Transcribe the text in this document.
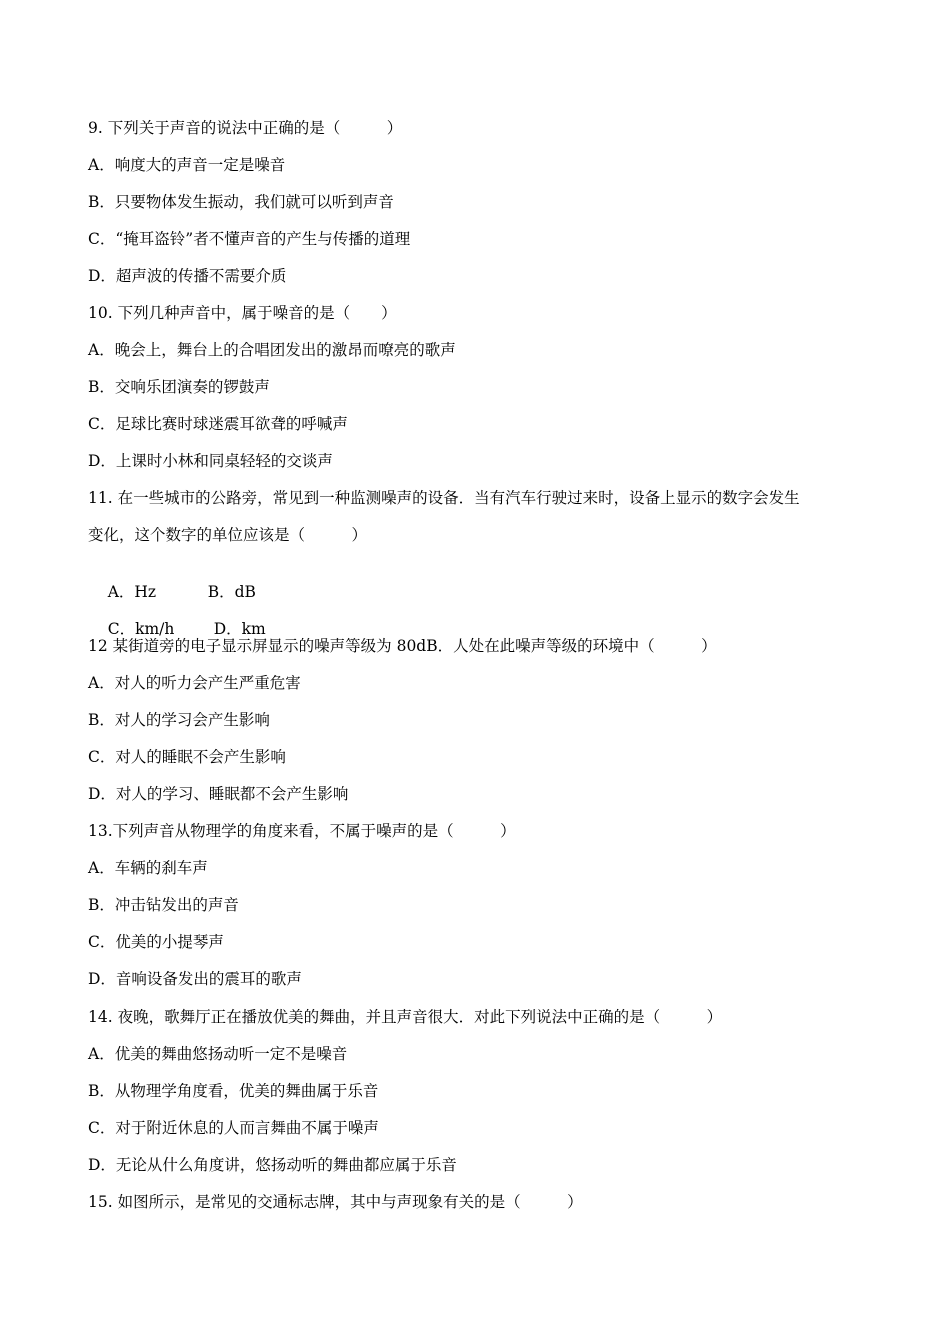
9. 下列关于声音的说法中正确的是（　　　）
A．响度大的声音一定是噪音
B．只要物体发生振动，我们就可以听到声音
C．“掩耳盗铃”者不懂声音的产生与传播的道理
D．超声波的传播不需要介质
10. 下列几种声音中，属于噪音的是（　　）
A．晚会上，舞台上的合唱团发出的激昂而嘹亮的歌声
B．交响乐团演奏的锣鼓声
C．足球比赛时球迷震耳欲聋的呼喊声
D．上课时小林和同桌轻轻的交谈声
11. 在一些城市的公路旁，常见到一种监测噪声的设备．当有汽车行驶过来时，设备上显示的数字会发生
变化，这个数字的单位应该是（　　　）

A．Hz	B．dB

C．km/h	D．km

12 某街道旁的电子显示屏显示的噪声等级为 80dB．人处在此噪声等级的环境中（　　　）
A．对人的听力会产生严重危害
B．对人的学习会产生影响
C．对人的睡眠不会产生影响
D．对人的学习、睡眠都不会产生影响
13.下列声音从物理学的角度来看，不属于噪声的是（　　　）
A．车辆的刹车声
B．冲击钻发出的声音
C．优美的小提琴声
D．音响设备发出的震耳的歌声
14. 夜晚，歌舞厅正在播放优美的舞曲，并且声音很大．对此下列说法中正确的是（　　　）
A．优美的舞曲悠扬动听一定不是噪音
B．从物理学角度看，优美的舞曲属于乐音
C．对于附近休息的人而言舞曲不属于噪声
D．无论从什么角度讲，悠扬动听的舞曲都应属于乐音
15. 如图所示，是常见的交通标志牌，其中与声现象有关的是（　　　）
